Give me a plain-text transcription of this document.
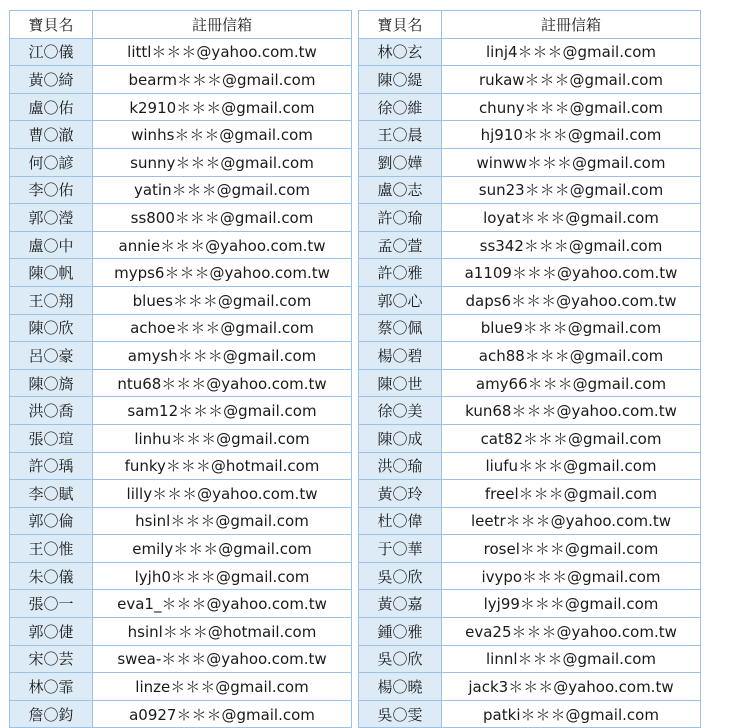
寶貝名	註冊信箱		寶貝名	註冊信箱
江〇儀	littl＊＊＊@yahoo.com.tw		林〇玄	linj4＊＊＊@gmail.com
黃〇綺	bearm＊＊＊@gmail.com		陳〇緹	rukaw＊＊＊@gmail.com
盧〇佑	k2910＊＊＊@gmail.com		徐〇維	chuny＊＊＊@gmail.com
曹〇澈	winhs＊＊＊@gmail.com		王〇晨	hj910＊＊＊@gmail.com
何〇諺	sunny＊＊＊@gmail.com		劉〇嬅	winww＊＊＊@gmail.com
李〇佑	yatin＊＊＊@gmail.com		盧〇志	sun23＊＊＊@gmail.com
郭〇瀅	ss800＊＊＊@gmail.com		許〇瑜	loyat＊＊＊@gmail.com
盧〇中	annie＊＊＊@yahoo.com.tw		孟〇萱	ss342＊＊＊@gmail.com
陳〇帆	myps6＊＊＊@yahoo.com.tw		許〇雅	a1109＊＊＊@yahoo.com.tw
王〇翔	blues＊＊＊@gmail.com		郭〇心	daps6＊＊＊@yahoo.com.tw
陳〇欣	achoe＊＊＊@gmail.com		蔡〇佩	blue9＊＊＊@gmail.com
呂〇豪	amysh＊＊＊@gmail.com		楊〇碧	ach88＊＊＊@gmail.com
陳〇旖	ntu68＊＊＊@yahoo.com.tw		陳〇世	amy66＊＊＊@gmail.com
洪〇喬	sam12＊＊＊@gmail.com		徐〇美	kun68＊＊＊@yahoo.com.tw
張〇瑄	linhu＊＊＊@gmail.com		陳〇成	cat82＊＊＊@gmail.com
許〇瑀	funky＊＊＊@hotmail.com		洪〇瑜	liufu＊＊＊@gmail.com
李〇賦	lilly＊＊＊@yahoo.com.tw		黃〇玲	freel＊＊＊@gmail.com
郭〇倫	hsinl＊＊＊@gmail.com		杜〇偉	leetr＊＊＊@yahoo.com.tw
王〇惟	emily＊＊＊@gmail.com		于〇華	rosel＊＊＊@gmail.com
朱〇儀	lyjh0＊＊＊@gmail.com		吳〇欣	ivypo＊＊＊@gmail.com
張〇一	eva1_＊＊＊@yahoo.com.tw		黃〇嘉	lyj99＊＊＊@gmail.com
郭〇倢	hsinl＊＊＊@hotmail.com		鍾〇雅	eva25＊＊＊@yahoo.com.tw
宋〇芸	swea-＊＊＊@yahoo.com.tw		吳〇欣	linnl＊＊＊@gmail.com
林〇霏	linze＊＊＊@gmail.com		楊〇曉	jack3＊＊＊@yahoo.com.tw
詹〇鈞	a0927＊＊＊@gmail.com		吳〇雯	patki＊＊＊@gmail.com
